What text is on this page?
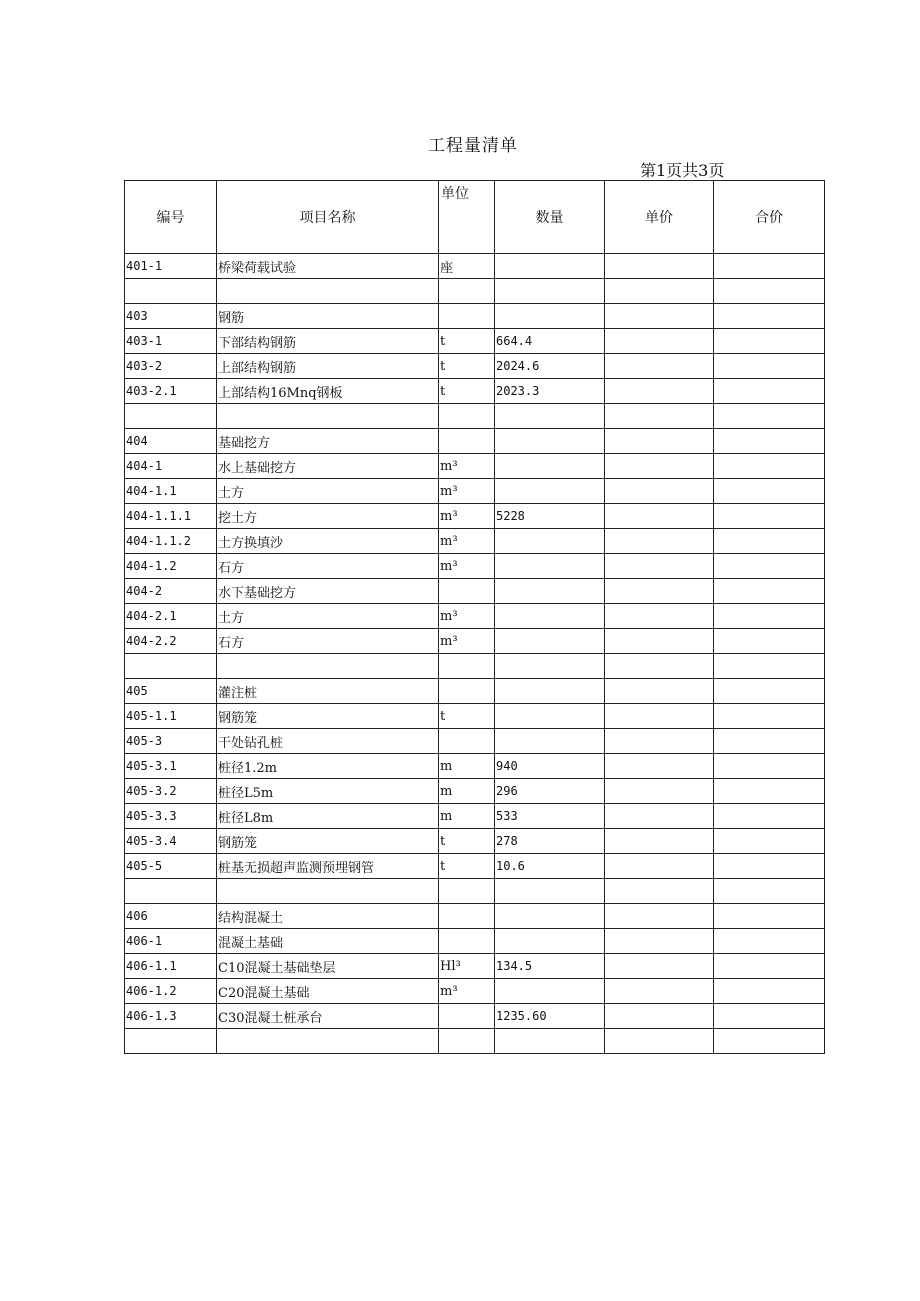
工程量清单
第1页共3页
编号	项目名称	单位	数量	单价	合价
401-1	桥梁荷载试验	座			

403	钢筋				
403-1	下部结构钢筋	t	664.4		
403-2	上部结构钢筋	t	2024.6		
403-2.1	上部结构16Mnq钢板	t	2023.3		

404	基础挖方				
404-1	水上基础挖方	m³			
404-1.1	土方	m³			
404-1.1.1	挖土方	m³	5228		
404-1.1.2	土方换填沙	m³			
404-1.2	石方	m³			
404-2	水下基础挖方				
404-2.1	土方	m³			
404-2.2	石方	m³			

405	灌注桩				
405-1.1	钢筋笼	t			
405-3	干处钻孔桩				
405-3.1	桩径1.2m	m	940		
405-3.2	桩径L5m	m	296		
405-3.3	桩径L8m	m	533		
405-3.4	钢筋笼	t	278		
405-5	桩基无损超声监测预埋钢管	t	10.6		

406	结构混凝土				
406-1	混凝土基础				
406-1.1	C10混凝土基础垫层	Hl³	134.5		
406-1.2	C20混凝土基础	m³			
406-1.3	C30混凝土桩承台		1235.60		
